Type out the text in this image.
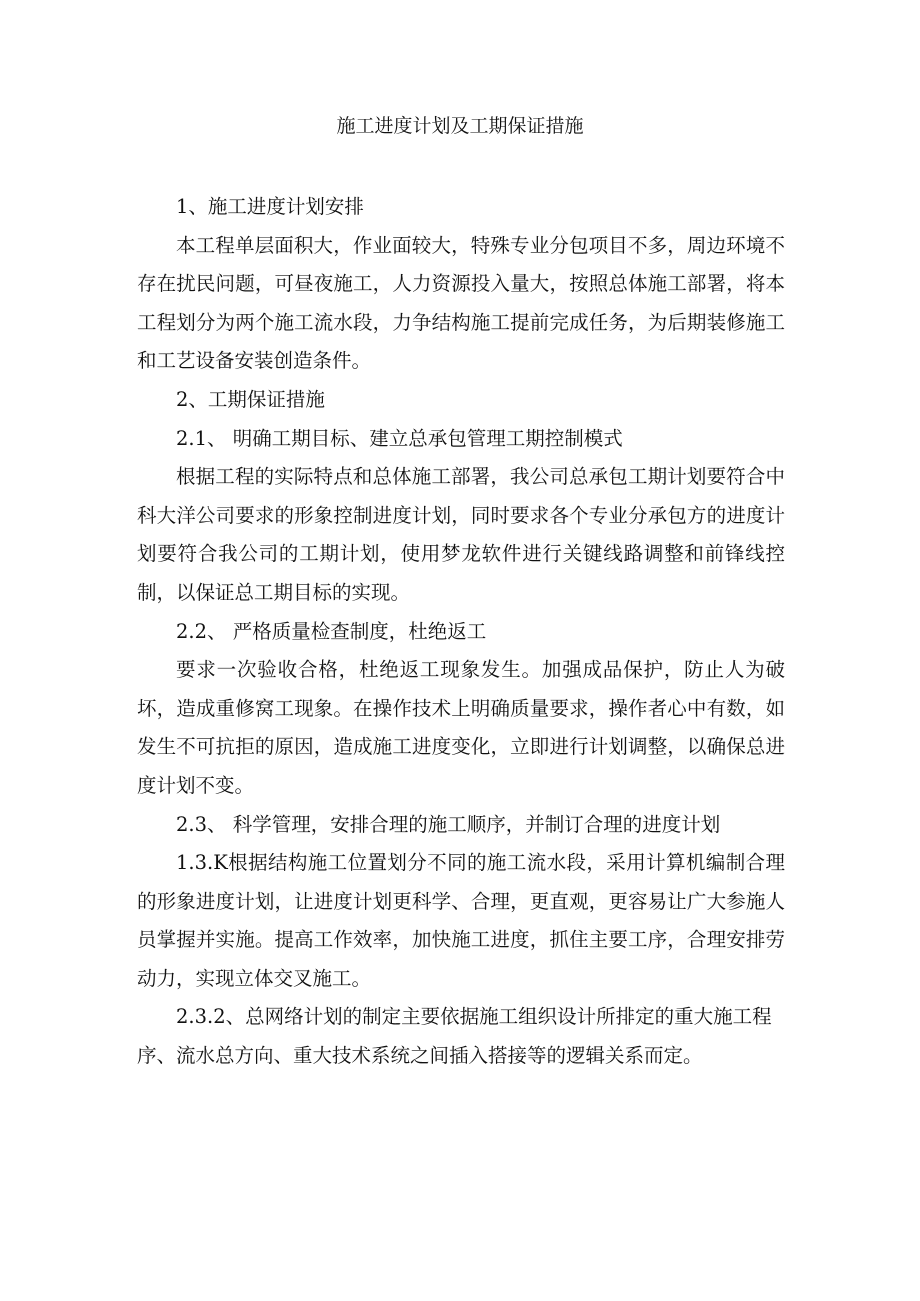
施工进度计划及工期保证措施

1、施工进度计划安排

本工程单层面积大，作业面较大，特殊专业分包项目不多，周边环境不存在扰民问题，可昼夜施工，人力资源投入量大，按照总体施工部署，将本工程划分为两个施工流水段，力争结构施工提前完成任务，为后期装修施工和工艺设备安装创造条件。

2、工期保证措施

2.1、 明确工期目标、建立总承包管理工期控制模式

根据工程的实际特点和总体施工部署，我公司总承包工期计划要符合中科大洋公司要求的形象控制进度计划，同时要求各个专业分承包方的进度计划要符合我公司的工期计划，使用梦龙软件进行关键线路调整和前锋线控制，以保证总工期目标的实现。

2.2、 严格质量检查制度，杜绝返工

要求一次验收合格，杜绝返工现象发生。加强成品保护，防止人为破坏，造成重修窝工现象。在操作技术上明确质量要求，操作者心中有数，如发生不可抗拒的原因，造成施工进度变化，立即进行计划调整，以确保总进度计划不变。

2.3、 科学管理，安排合理的施工顺序，并制订合理的进度计划

1.3.K根据结构施工位置划分不同的施工流水段，采用计算机编制合理的形象进度计划，让进度计划更科学、合理，更直观，更容易让广大参施人员掌握并实施。提高工作效率，加快施工进度，抓住主要工序，合理安排劳动力，实现立体交叉施工。

2.3.2、总网络计划的制定主要依据施工组织设计所排定的重大施工程序、流水总方向、重大技术系统之间插入搭接等的逻辑关系而定。
